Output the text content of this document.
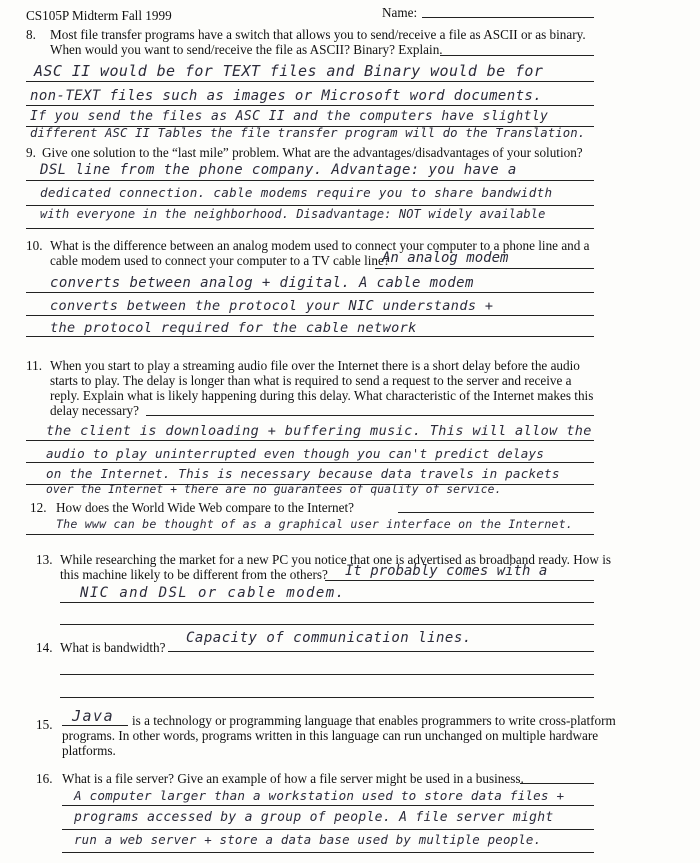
CS105P Midterm Fall 1999	Name:
8. Most file transfer programs have a switch that allows you to send/receive a file as ASCII or as binary.
When would you want to send/receive the file as ASCII? Binary? Explain.
ASC II would be for TEXT files and Binary would be for
non-TEXT files such as images or Microsoft word documents.
If you send the files as ASC II and the computers have slightly
different ASC II Tables the file transfer program will do the Translation.
9. Give one solution to the “last mile” problem. What are the advantages/disadvantages of your solution?
DSL line from the phone company. Advantage: you have a
dedicated connection. cable modems require you to share bandwidth
with everyone in the neighborhood. Disadvantage: NOT widely available
10. What is the difference between an analog modem used to connect your computer to a phone line and a
cable modem used to connect your computer to a TV cable line?
An analog modem
converts between analog + digital. A cable modem
converts between the protocol your NIC understands +
the protocol required for the cable network
11. When you start to play a streaming audio file over the Internet there is a short delay before the audio
starts to play. The delay is longer than what is required to send a request to the server and receive a
reply. Explain what is likely happening during this delay. What characteristic of the Internet makes this
delay necessary?
the client is downloading + buffering music. This will allow the
audio to play uninterrupted even though you can't predict delays
on the Internet. This is necessary because data travels in packets
over the Internet + there are no guarantees of quality of service.
12. How does the World Wide Web compare to the Internet?
The www can be thought of as a graphical user interface on the Internet.
13. While researching the market for a new PC you notice that one is advertised as broadband ready. How is
this machine likely to be different from the others? It probably comes with a
NIC and DSL or cable modem.
14. What is bandwidth?
Capacity of communication lines.
15. Java is a technology or programming language that enables programmers to write cross-platform
programs. In other words, programs written in this language can run unchanged on multiple hardware
platforms.
16. What is a file server? Give an example of how a file server might be used in a business.
A computer larger than a workstation used to store data files +
programs accessed by a group of people. A file server might
run a web server + store a data base used by multiple people.
